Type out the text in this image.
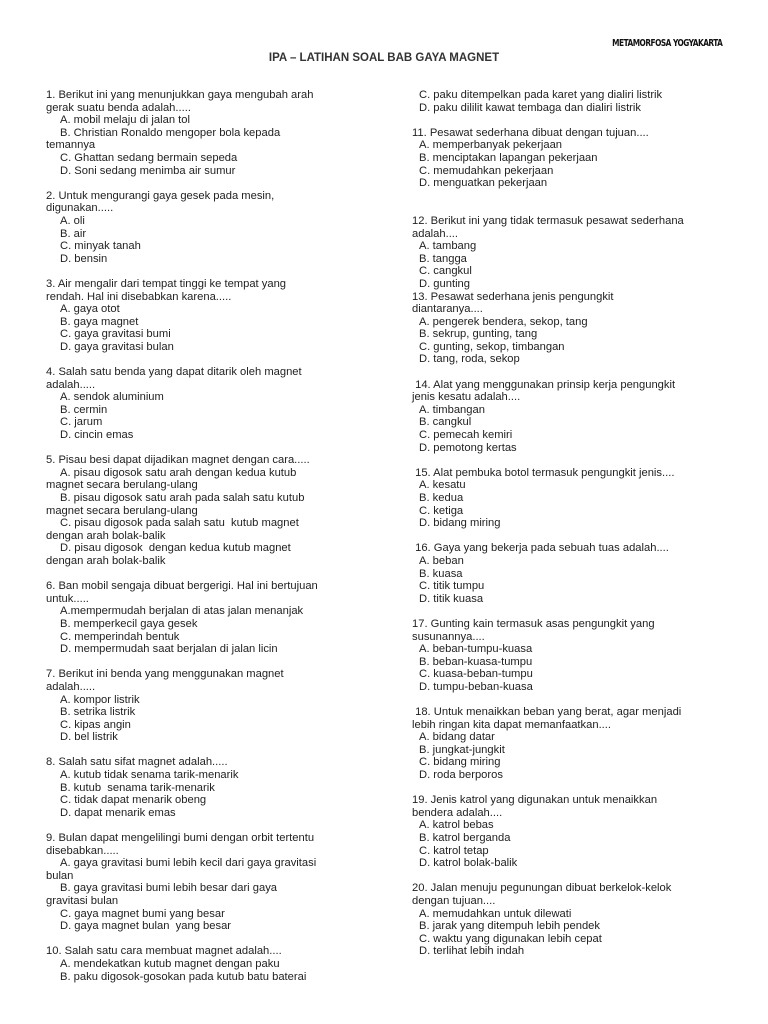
METAMORFOSA YOGYAKARTA
IPA – LATIHAN SOAL BAB GAYA MAGNET
1. Berikut ini yang menunjukkan gaya mengubah arah
gerak suatu benda adalah.....
A. mobil melaju di jalan tol
B. Christian Ronaldo mengoper bola kepada
temannya
C. Ghattan sedang bermain sepeda
D. Soni sedang menimba air sumur
2. Untuk mengurangi gaya gesek pada mesin,
digunakan.....
A. oli
B. air
C. minyak tanah
D. bensin
3. Air mengalir dari tempat tinggi ke tempat yang
rendah. Hal ini disebabkan karena.....
A. gaya otot
B. gaya magnet
C. gaya gravitasi bumi
D. gaya gravitasi bulan
4. Salah satu benda yang dapat ditarik oleh magnet
adalah.....
A. sendok aluminium
B. cermin
C. jarum
D. cincin emas
5. Pisau besi dapat dijadikan magnet dengan cara.....
A. pisau digosok satu arah dengan kedua kutub
magnet secara berulang-ulang
B. pisau digosok satu arah pada salah satu kutub
magnet secara berulang-ulang
C. pisau digosok pada salah satu  kutub magnet
dengan arah bolak-balik
D. pisau digosok  dengan kedua kutub magnet
dengan arah bolak-balik
6. Ban mobil sengaja dibuat bergerigi. Hal ini bertujuan
untuk.....
A.mempermudah berjalan di atas jalan menanjak
B. memperkecil gaya gesek
C. memperindah bentuk
D. mempermudah saat berjalan di jalan licin
7. Berikut ini benda yang menggunakan magnet
adalah.....
A. kompor listrik
B. setrika listrik
C. kipas angin
D. bel listrik
8. Salah satu sifat magnet adalah.....
A. kutub tidak senama tarik-menarik
B. kutub  senama tarik-menarik
C. tidak dapat menarik obeng
D. dapat menarik emas
9. Bulan dapat mengelilingi bumi dengan orbit tertentu
disebabkan.....
A. gaya gravitasi bumi lebih kecil dari gaya gravitasi
bulan
B. gaya gravitasi bumi lebih besar dari gaya
gravitasi bulan
C. gaya magnet bumi yang besar
D. gaya magnet bulan  yang besar
10. Salah satu cara membuat magnet adalah....
A. mendekatkan kutub magnet dengan paku
B. paku digosok-gosokan pada kutub batu baterai
C. paku ditempelkan pada karet yang dialiri listrik
D. paku dililit kawat tembaga dan dialiri listrik
11. Pesawat sederhana dibuat dengan tujuan....
A. memperbanyak pekerjaan
B. menciptakan lapangan pekerjaan
C. memudahkan pekerjaan
D. menguatkan pekerjaan
12. Berikut ini yang tidak termasuk pesawat sederhana
adalah....
A. tambang
B. tangga
C. cangkul
D. gunting
13. Pesawat sederhana jenis pengungkit
diantaranya....
A. pengerek bendera, sekop, tang
B. sekrup, gunting, tang
C. gunting, sekop, timbangan
D. tang, roda, sekop
14. Alat yang menggunakan prinsip kerja pengungkit
jenis kesatu adalah....
A. timbangan
B. cangkul
C. pemecah kemiri
D. pemotong kertas
15. Alat pembuka botol termasuk pengungkit jenis....
A. kesatu
B. kedua
C. ketiga
D. bidang miring
16. Gaya yang bekerja pada sebuah tuas adalah....
A. beban
B. kuasa
C. titik tumpu
D. titik kuasa
17. Gunting kain termasuk asas pengungkit yang
susunannya....
A. beban-tumpu-kuasa
B. beban-kuasa-tumpu
C. kuasa-beban-tumpu
D. tumpu-beban-kuasa
18. Untuk menaikkan beban yang berat, agar menjadi
lebih ringan kita dapat memanfaatkan....
A. bidang datar
B. jungkat-jungkit
C. bidang miring
D. roda berporos
19. Jenis katrol yang digunakan untuk menaikkan
bendera adalah....
A. katrol bebas
B. katrol berganda
C. katrol tetap
D. katrol bolak-balik
20. Jalan menuju pegunungan dibuat berkelok-kelok
dengan tujuan....
A. memudahkan untuk dilewati
B. jarak yang ditempuh lebih pendek
C. waktu yang digunakan lebih cepat
D. terlihat lebih indah
